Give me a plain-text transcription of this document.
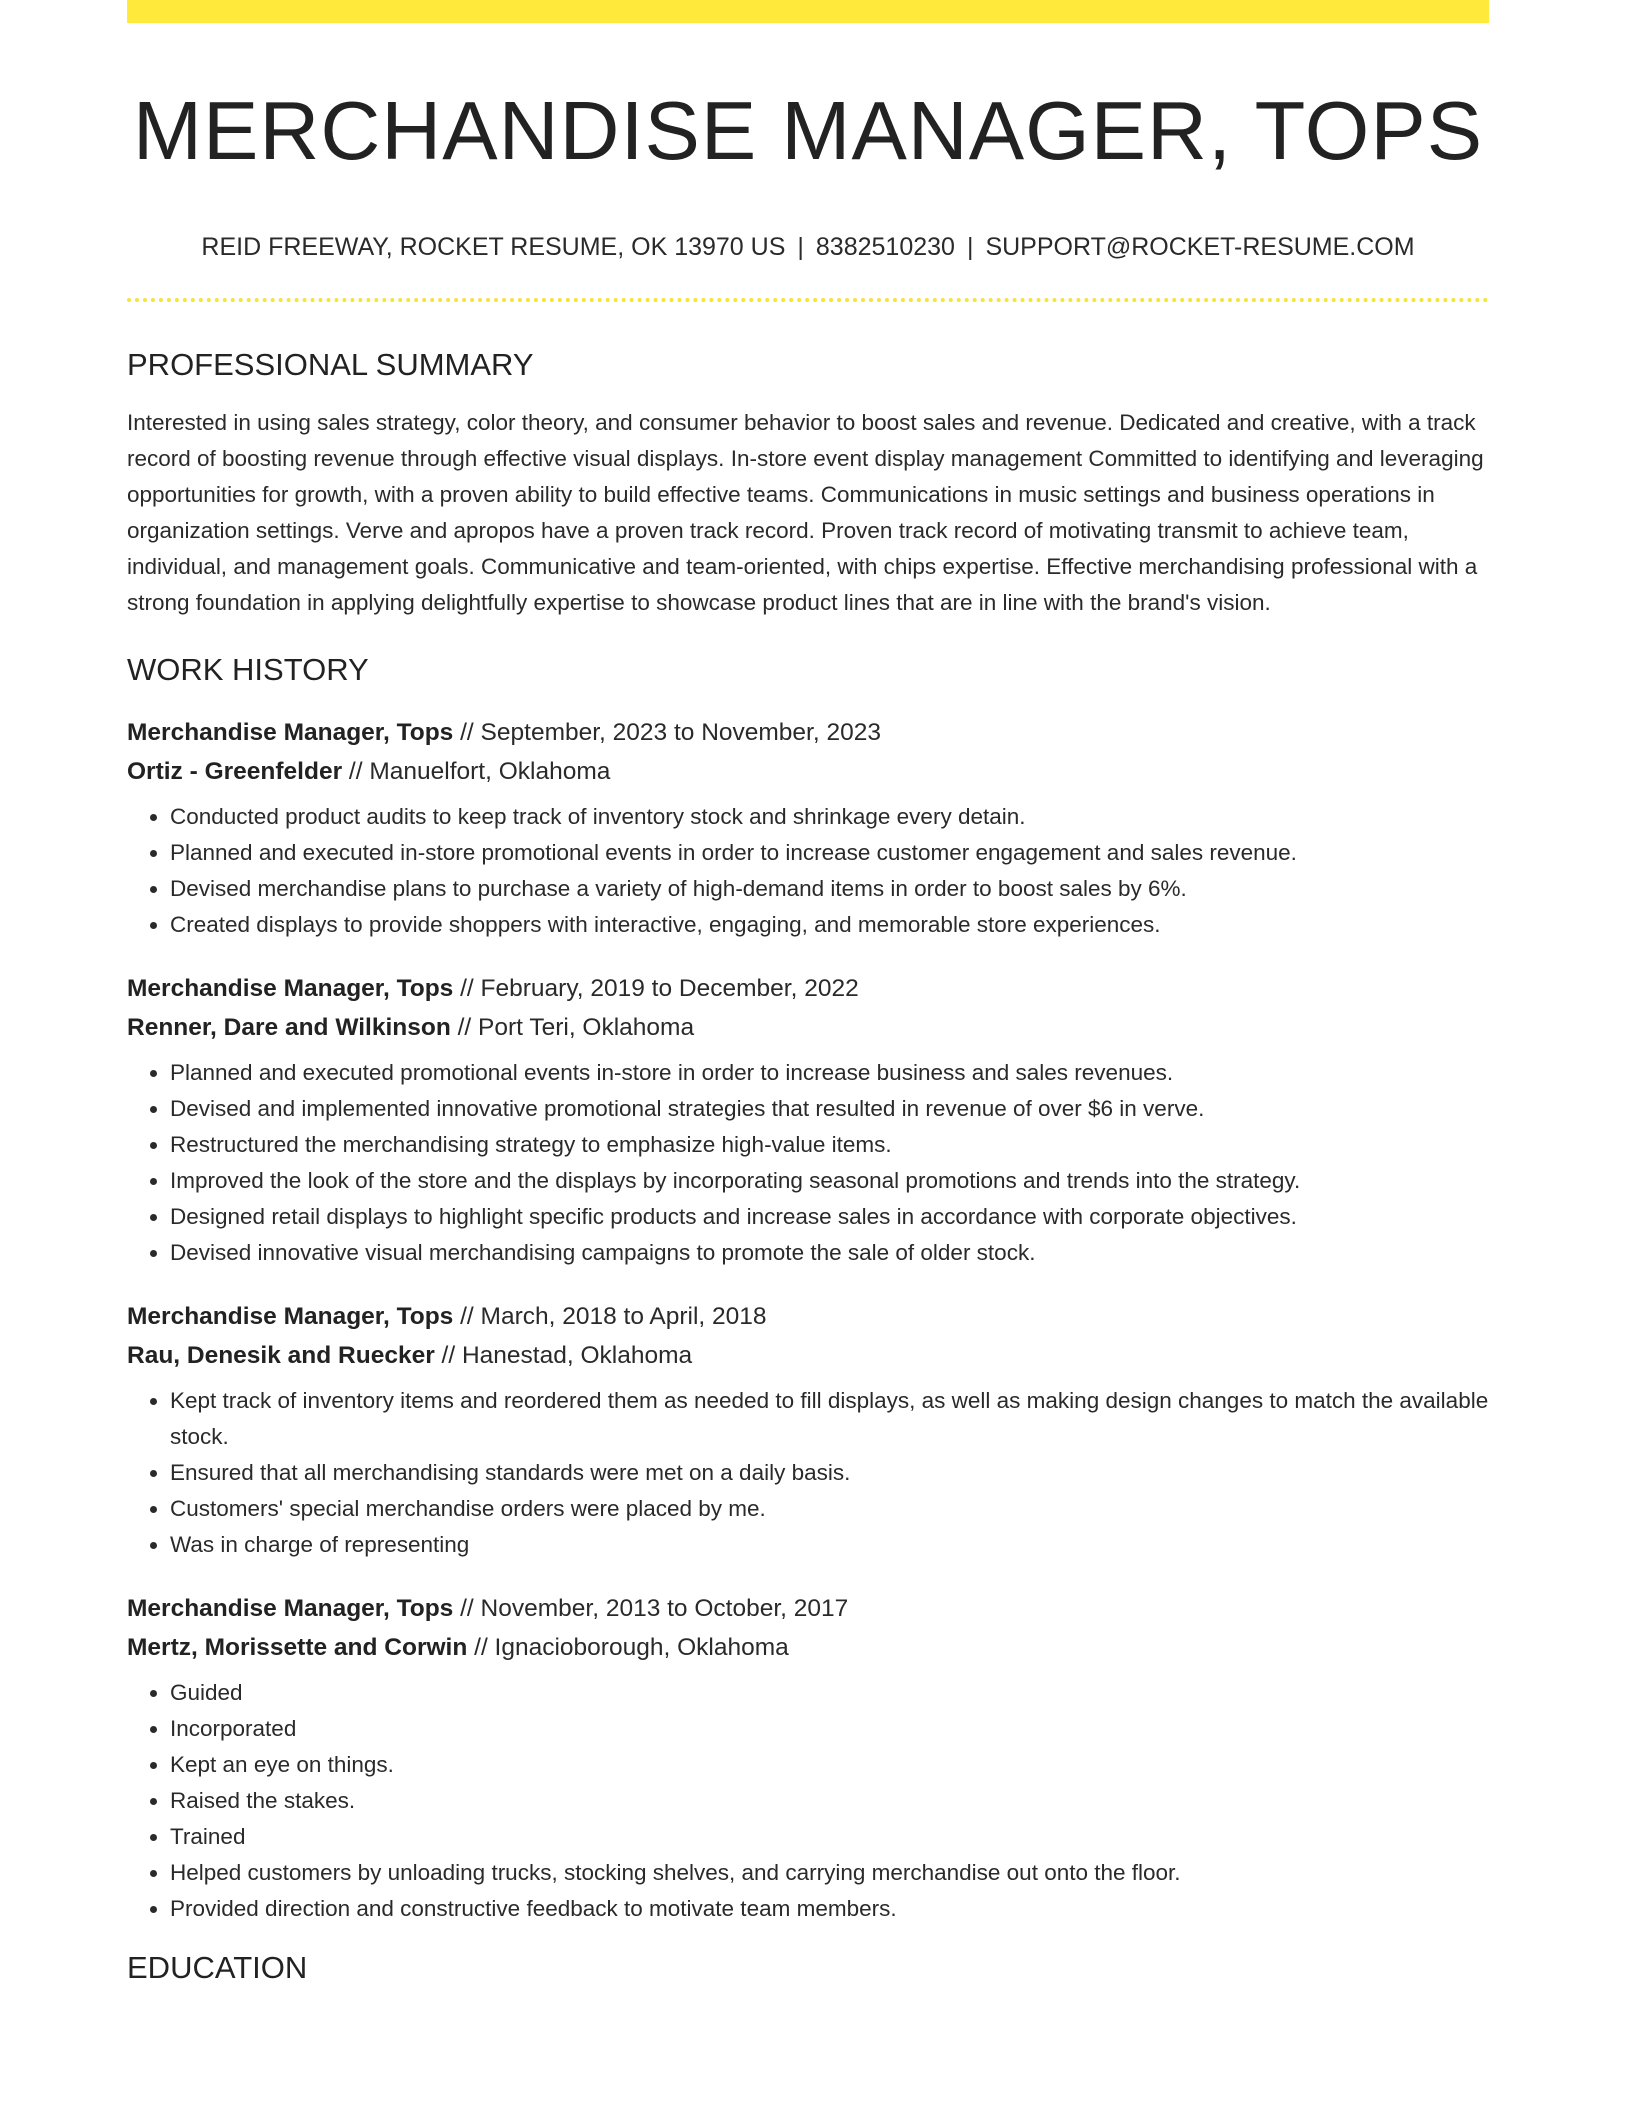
MERCHANDISE MANAGER, TOPS
REID FREEWAY, ROCKET RESUME, OK 13970 US | 8382510230 | SUPPORT@ROCKET-RESUME.COM
PROFESSIONAL SUMMARY

Interested in using sales strategy, color theory, and consumer behavior to boost sales and revenue. Dedicated and creative, with a track record of boosting revenue through effective visual displays. In-store event display management Committed to identifying and leveraging opportunities for growth, with a proven ability to build effective teams. Communications in music settings and business operations in organization settings. Verve and apropos have a proven track record. Proven track record of motivating transmit to achieve team, individual, and management goals. Communicative and team-oriented, with chips expertise. Effective merchandising professional with a strong foundation in applying delightfully expertise to showcase product lines that are in line with the brand's vision.

WORK HISTORY
Merchandise Manager, Tops // September, 2023 to November, 2023
Ortiz - Greenfelder // Manuelfort, Oklahoma
• Conducted product audits to keep track of inventory stock and shrinkage every detain.
• Planned and executed in-store promotional events in order to increase customer engagement and sales revenue.
• Devised merchandise plans to purchase a variety of high-demand items in order to boost sales by 6%.
• Created displays to provide shoppers with interactive, engaging, and memorable store experiences.
Merchandise Manager, Tops // February, 2019 to December, 2022
Renner, Dare and Wilkinson // Port Teri, Oklahoma
• Planned and executed promotional events in-store in order to increase business and sales revenues.
• Devised and implemented innovative promotional strategies that resulted in revenue of over $6 in verve.
• Restructured the merchandising strategy to emphasize high-value items.
• Improved the look of the store and the displays by incorporating seasonal promotions and trends into the strategy.
• Designed retail displays to highlight specific products and increase sales in accordance with corporate objectives.
• Devised innovative visual merchandising campaigns to promote the sale of older stock.
Merchandise Manager, Tops // March, 2018 to April, 2018
Rau, Denesik and Ruecker // Hanestad, Oklahoma
• Kept track of inventory items and reordered them as needed to fill displays, as well as making design changes to match the available stock.
• Ensured that all merchandising standards were met on a daily basis.
• Customers' special merchandise orders were placed by me.
• Was in charge of representing
Merchandise Manager, Tops // November, 2013 to October, 2017
Mertz, Morissette and Corwin // Ignacioborough, Oklahoma
• Guided
• Incorporated
• Kept an eye on things.
• Raised the stakes.
• Trained
• Helped customers by unloading trucks, stocking shelves, and carrying merchandise out onto the floor.
• Provided direction and constructive feedback to motivate team members.
EDUCATION
